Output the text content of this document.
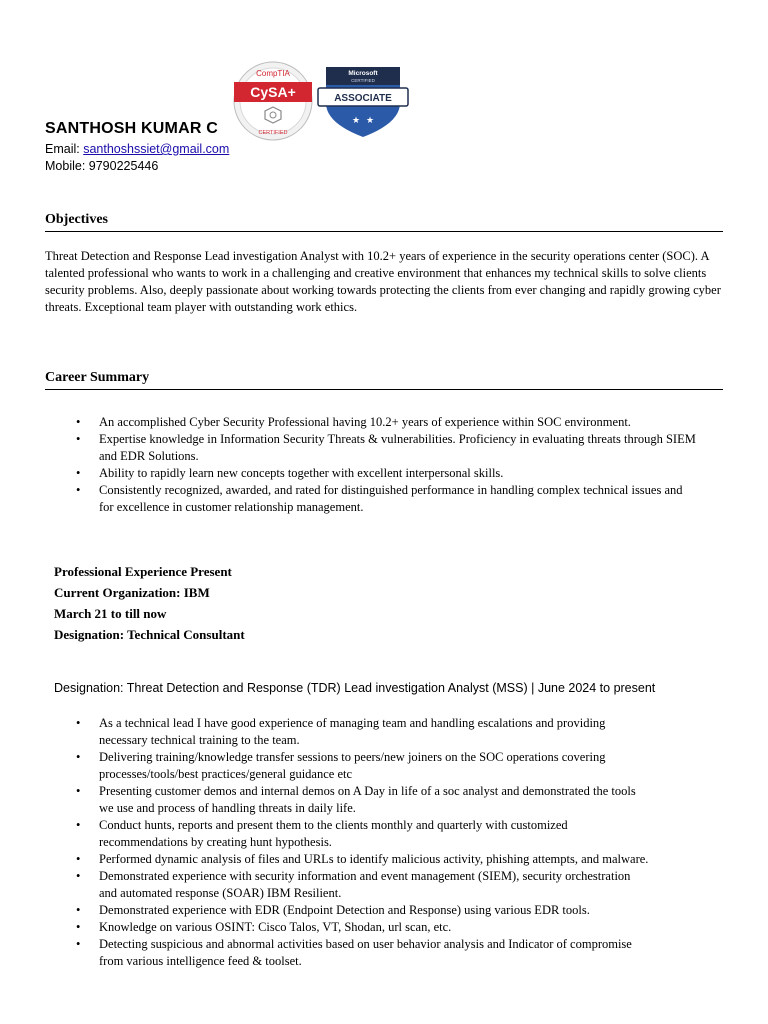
CompTIA
CySA+
CERTIFIED
Microsoft
CERTIFIED
ASSOCIATE
★ ★
SANTHOSH KUMAR C
Email: santhoshssiet@gmail.com
Mobile: 9790225446
Objectives
Threat Detection and Response Lead investigation Analyst with 10.2+ years of experience in the security operations center (SOC). A talented professional who wants to work in a challenging and creative environment that enhances my technical skills to solve clients security problems. Also, deeply passionate about working towards protecting the clients from ever changing and rapidly growing cyber threats. Exceptional team player with outstanding work ethics.
Career Summary
• An accomplished Cyber Security Professional having 10.2+ years of experience within SOC environment.
• Expertise knowledge in Information Security Threats & vulnerabilities. Proficiency in evaluating threats through SIEM and EDR Solutions.
• Ability to rapidly learn new concepts together with excellent interpersonal skills.
• Consistently recognized, awarded, and rated for distinguished performance in handling complex technical issues and for excellence in customer relationship management.
Professional Experience Present
Current Organization: IBM
March 21 to till now
Designation: Technical Consultant
Designation: Threat Detection and Response (TDR) Lead investigation Analyst (MSS) | June 2024 to present
• As a technical lead I have good experience of managing team and handling escalations and providing necessary technical training to the team.
• Delivering training/knowledge transfer sessions to peers/new joiners on the SOC operations covering processes/tools/best practices/general guidance etc
• Presenting customer demos and internal demos on A Day in life of a soc analyst and demonstrated the tools we use and process of handling threats in daily life.
• Conduct hunts, reports and present them to the clients monthly and quarterly with customized recommendations by creating hunt hypothesis.
• Performed dynamic analysis of files and URLs to identify malicious activity, phishing attempts, and malware.
• Demonstrated experience with security information and event management (SIEM), security orchestration and automated response (SOAR) IBM Resilient.
• Demonstrated experience with EDR (Endpoint Detection and Response) using various EDR tools.
• Knowledge on various OSINT: Cisco Talos, VT, Shodan, url scan, etc.
• Detecting suspicious and abnormal activities based on user behavior analysis and Indicator of compromise from various intelligence feed & toolset.
